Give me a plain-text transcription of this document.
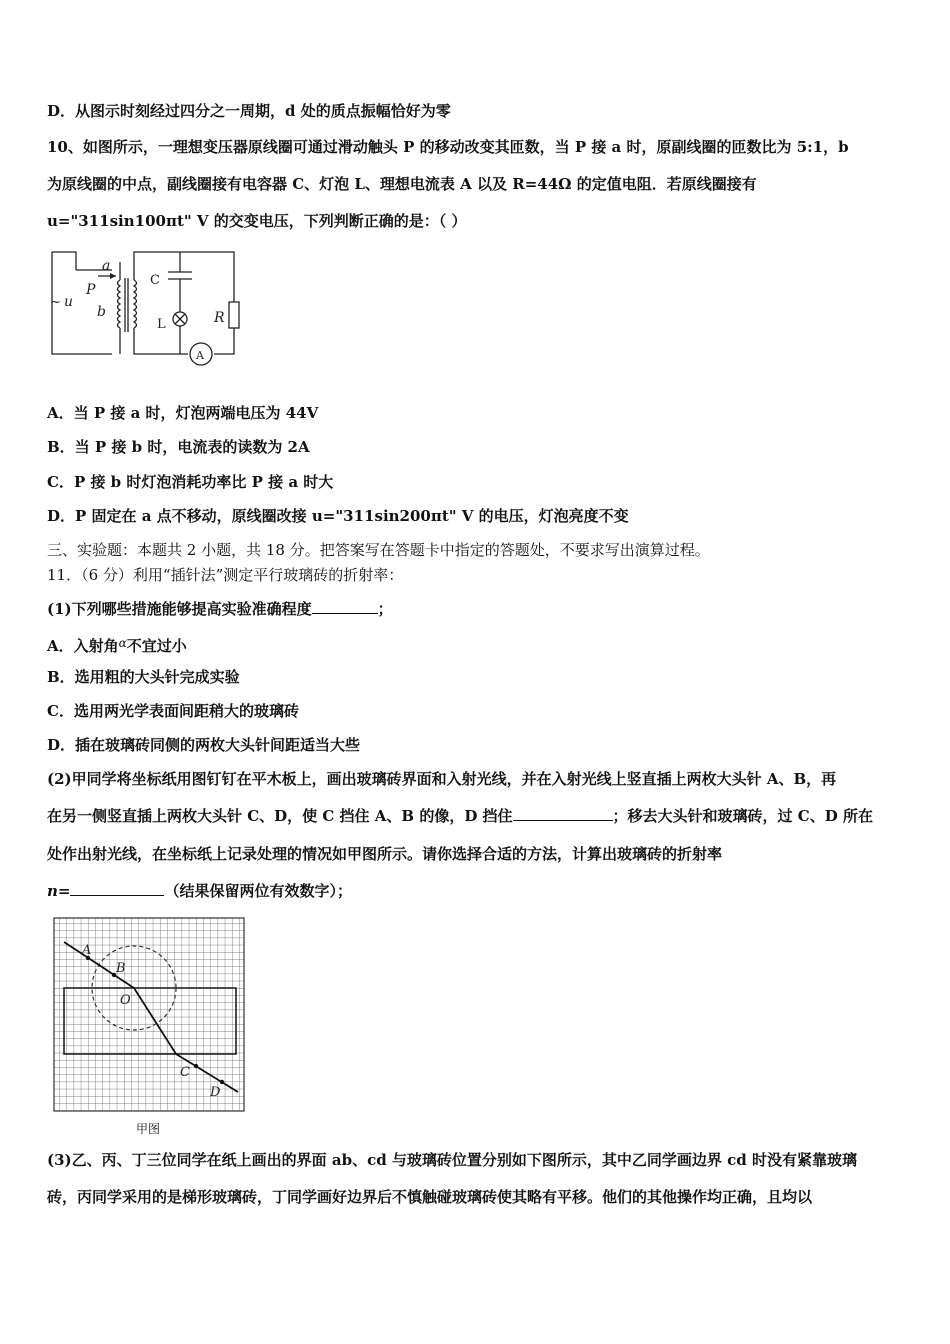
D．从图示时刻经过四分之一周期，d 处的质点振幅恰好为零
10、如图所示，一理想变压器原线圈可通过滑动触头 P 的移动改变其匝数，当 P 接 a 时，原副线圈的匝数比为 5:1，b
为原线圈的中点，副线圈接有电容器 C、灯泡 L、理想电流表 A 以及 R=44Ω 的定值电阻．若原线圈接有
u="311sin100πt" V 的交变电压，下列判断正确的是：（ ）
a
P
b
u
R
~
C
L
A
A．当 P 接 a 时，灯泡两端电压为 44V
B．当 P 接 b 时，电流表的读数为 2A
C．P 接 b 时灯泡消耗功率比 P 接 a 时大
D．P 固定在 a 点不移动，原线圈改接 u="311sin200πt" V 的电压，灯泡亮度不变
三、实验题：本题共 2 小题，共 18 分。把答案写在答题卡中指定的答题处，不要求写出演算过程。
11．（6 分）利用“插针法”测定平行玻璃砖的折射率：
(1)下列哪些措施能够提高实验准确程度	；
A．入射角$^\alpha$不宜过小
B．选用粗的大头针完成实验
C．选用两光学表面间距稍大的玻璃砖
D．插在玻璃砖同侧的两枚大头针间距适当大些
(2)甲同学将坐标纸用图钉钉在平木板上，画出玻璃砖界面和入射光线，并在入射光线上竖直插上两枚大头针 A、B，再
在另一侧竖直插上两枚大头针 C、D，使 C 挡住 A、B 的像，D 挡住	；移去大头针和玻璃砖，过 C、D 所在
处作出射光线，在坐标纸上记录处理的情况如甲图所示。请你选择合适的方法，计算出玻璃砖的折射率
n=	（结果保留两位有效数字）；
A
B
O
C
D
甲图
(3)乙、丙、丁三位同学在纸上画出的界面 ab、cd 与玻璃砖位置分别如下图所示，其中乙同学画边界 cd 时没有紧靠玻璃
砖，丙同学采用的是梯形玻璃砖，丁同学画好边界后不慎触碰玻璃砖使其略有平移。他们的其他操作均正确，且均以
